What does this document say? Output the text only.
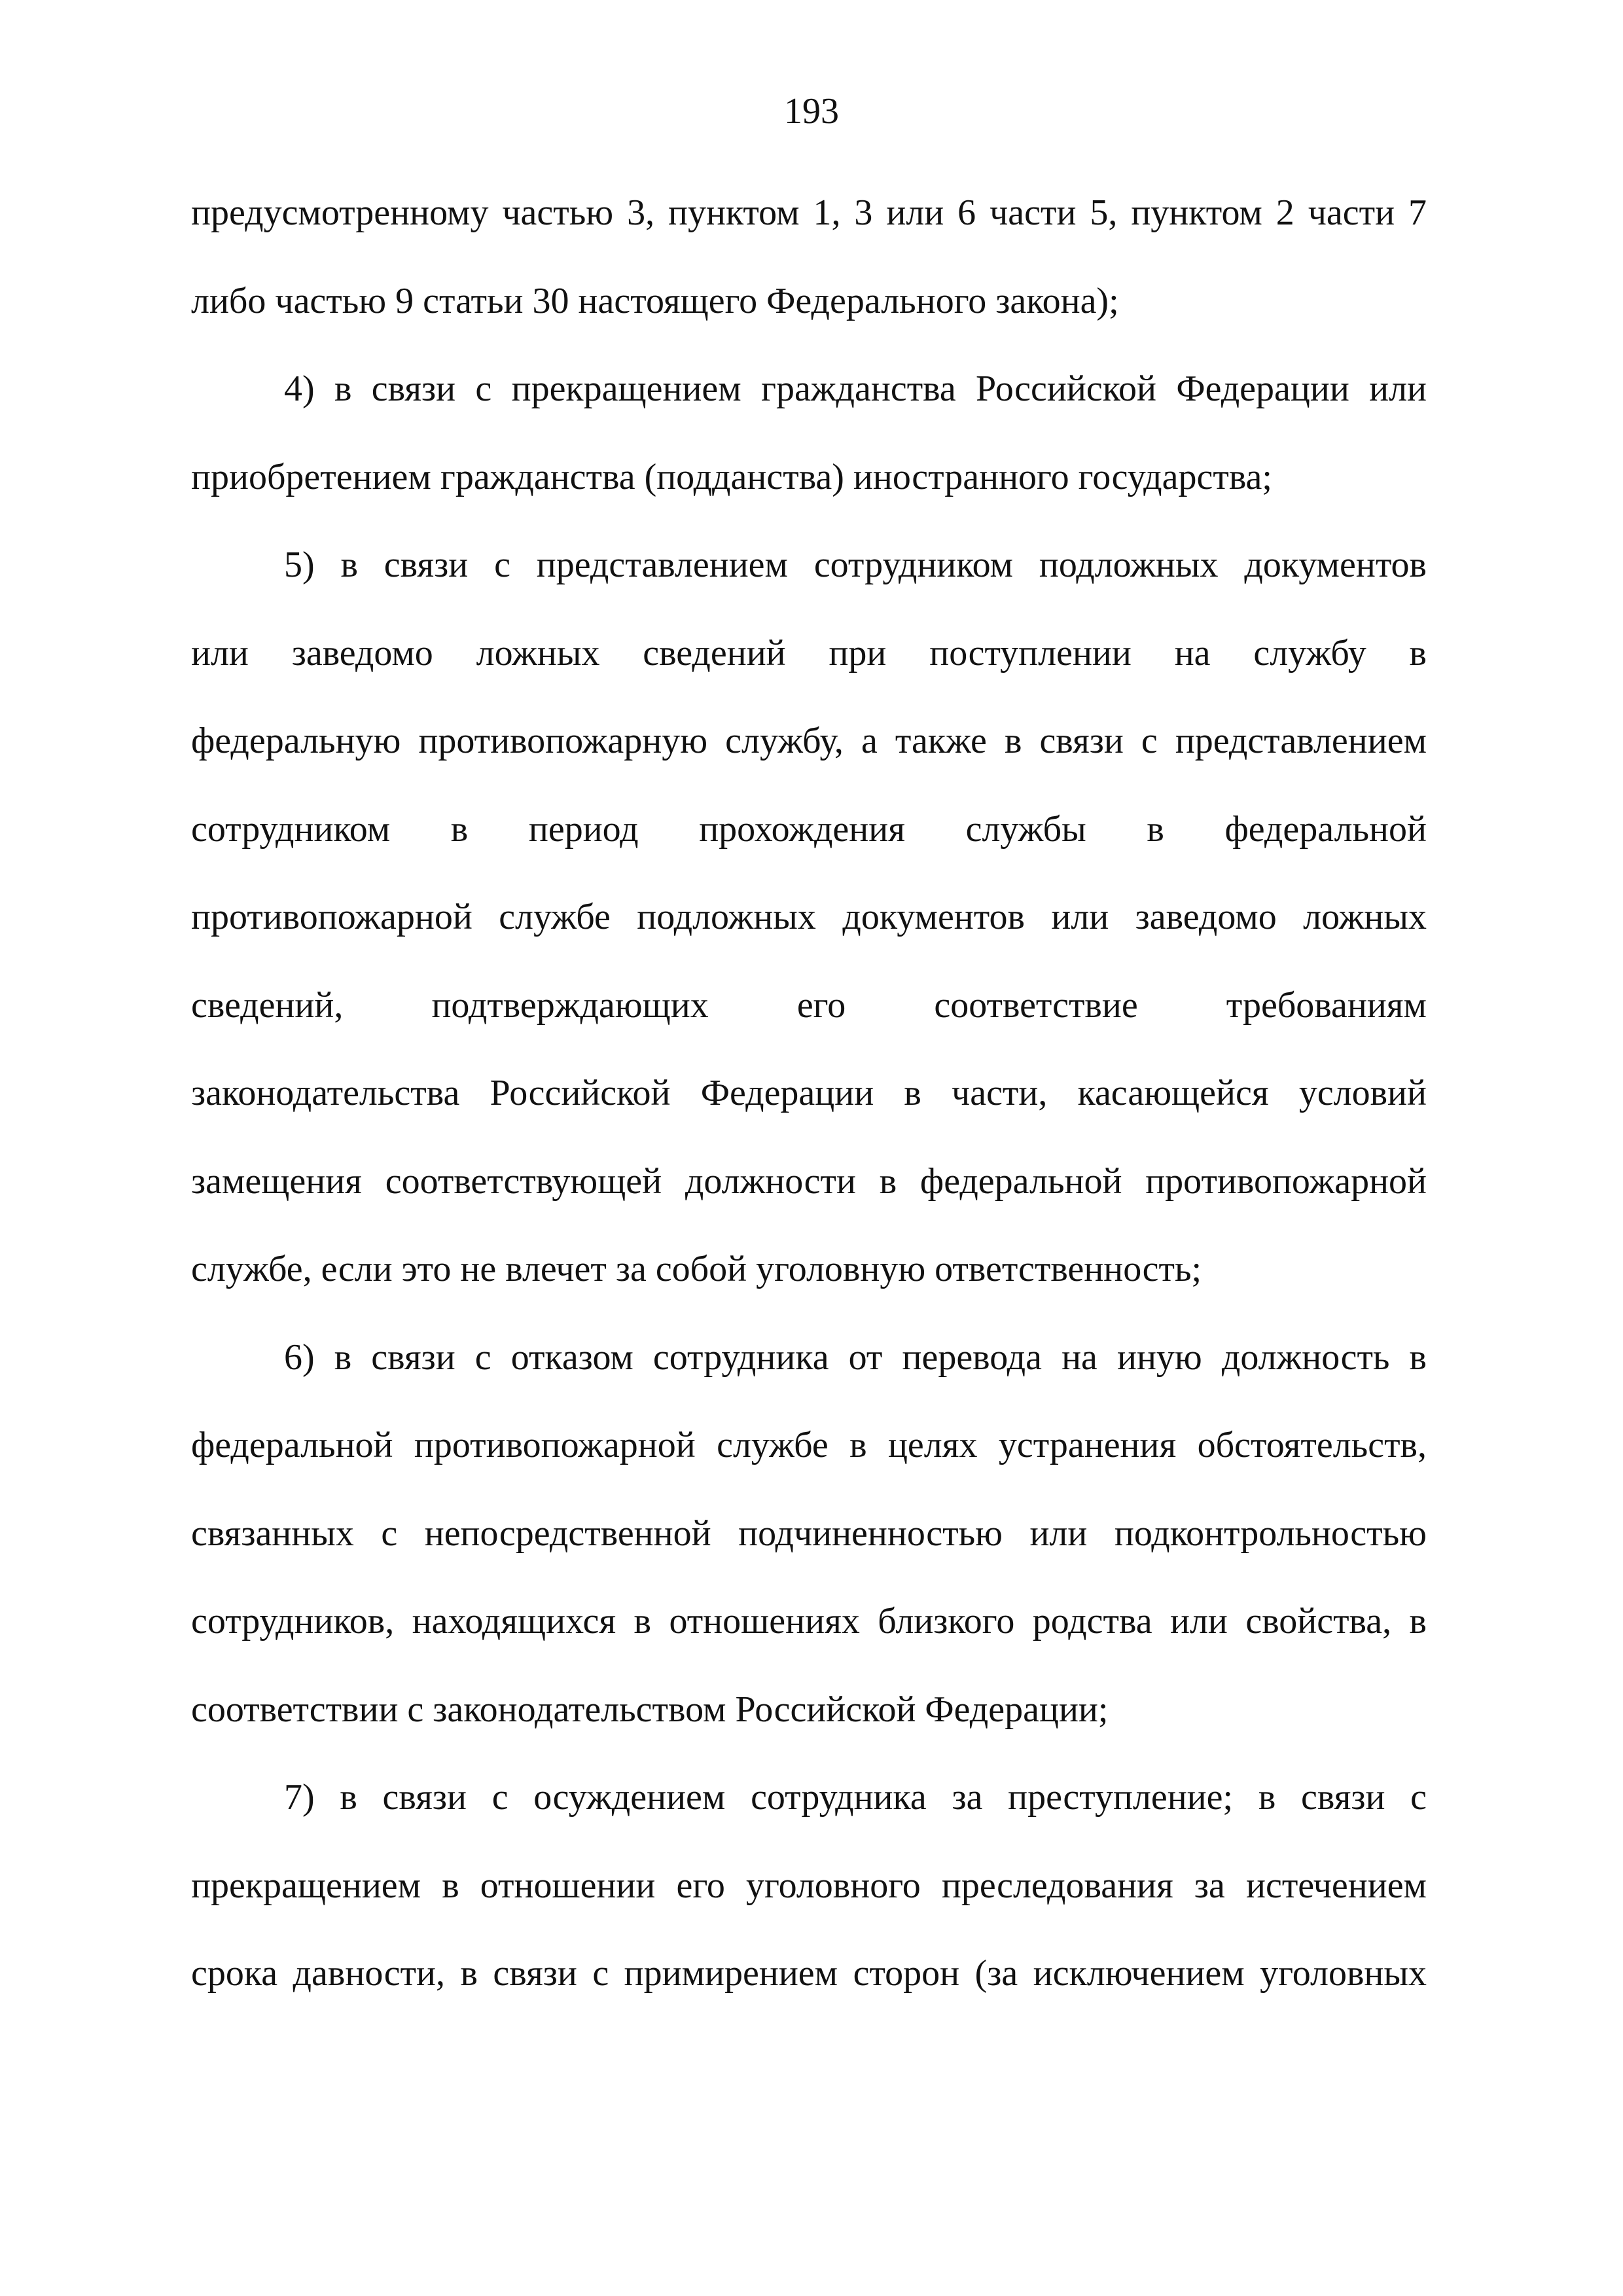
193
предусмотренному частью 3, пунктом 1, 3 или 6 части 5, пунктом 2 части 7
либо частью 9 статьи 30 настоящего Федерального закона);
4) в связи с прекращением гражданства Российской Федерации или
приобретением гражданства (подданства) иностранного государства;
5) в связи с представлением сотрудником подложных документов
или заведомо ложных сведений при поступлении на службу в
федеральную противопожарную службу, а также в связи с представлением
сотрудником в период прохождения службы в федеральной
противопожарной службе подложных документов или заведомо ложных
сведений, подтверждающих его соответствие требованиям
законодательства Российской Федерации в части, касающейся условий
замещения соответствующей должности в федеральной противопожарной
службе, если это не влечет за собой уголовную ответственность;
6) в связи с отказом сотрудника от перевода на иную должность в
федеральной противопожарной службе в целях устранения обстоятельств,
связанных с непосредственной подчиненностью или подконтрольностью
сотрудников, находящихся в отношениях близкого родства или свойства, в
соответствии с законодательством Российской Федерации;
7) в связи с осуждением сотрудника за преступление; в связи с
прекращением в отношении его уголовного преследования за истечением
срока давности, в связи с примирением сторон (за исключением уголовных
